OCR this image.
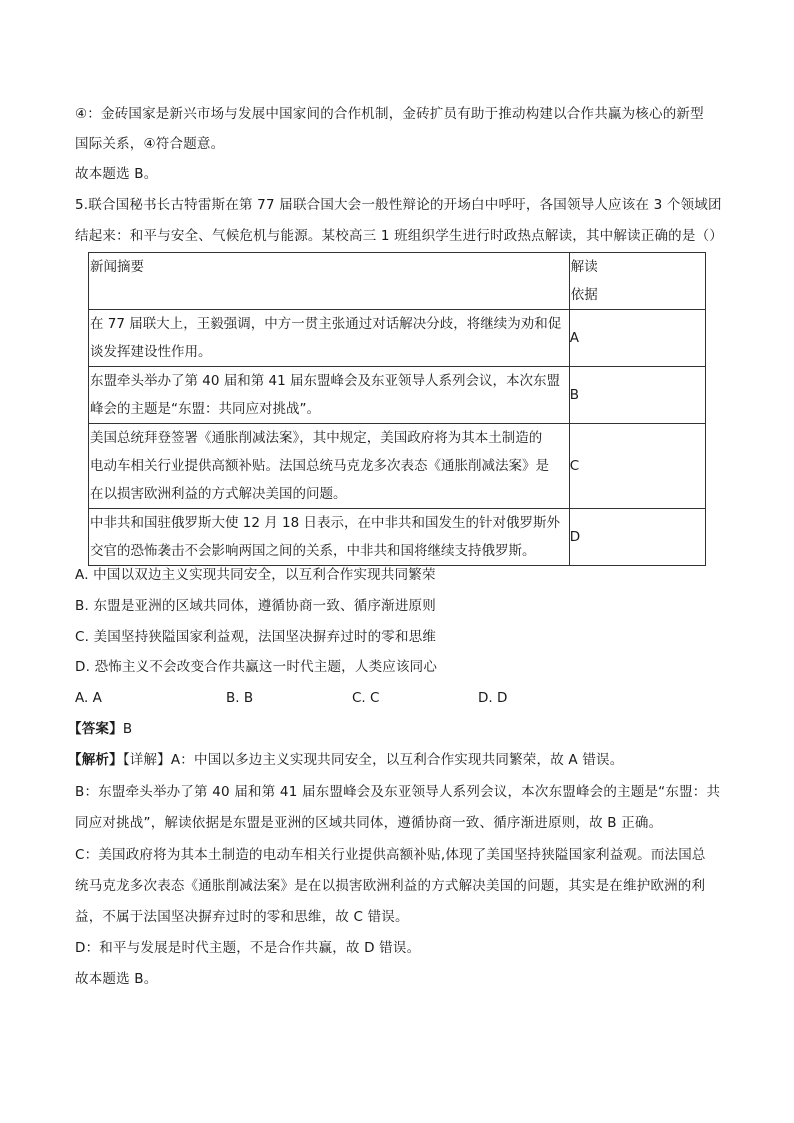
④：金砖国家是新兴市场与发展中国家间的合作机制，金砖扩员有助于推动构建以合作共赢为核心的新型
国际关系，④符合题意。
故本题选 B。
5.联合国秘书长古特雷斯在第 77 届联合国大会一般性辩论的开场白中呼吁，各国领导人应该在 3 个领域团
结起来：和平与安全、气候危机与能源。某校高三 1 班组织学生进行时政热点解读，其中解读正确的是（）
新闻摘要	解读
依据

在 77 届联大上，王毅强调，中方一贯主张通过对话解决分歧，将继续为劝和促
谈发挥建设性作用。	A

东盟牵头举办了第 40 届和第 41 届东盟峰会及东亚领导人系列会议，本次东盟
峰会的主题是“东盟：共同应对挑战”。	B

美国总统拜登签署《通胀削减法案》，其中规定，美国政府将为其本土制造的
电动车相关行业提供高额补贴。法国总统马克龙多次表态《通胀削减法案》是
在以损害欧洲利益的方式解决美国的问题。	C

中非共和国驻俄罗斯大使 12 月 18 日表示，在中非共和国发生的针对俄罗斯外
交官的恐怖袭击不会影响两国之间的关系，中非共和国将继续支持俄罗斯。	D
A. 中国以双边主义实现共同安全，以互利合作实现共同繁荣
B. 东盟是亚洲的区域共同体，遵循协商一致、循序渐进原则
C. 美国坚持狭隘国家利益观，法国坚决摒弃过时的零和思维
D. 恐怖主义不会改变合作共赢这一时代主题，人类应该同心
A. A	B. B	C. C	D. D
【答案】B
【解析】【详解】A：中国以多边主义实现共同安全，以互利合作实现共同繁荣，故 A 错误。
B：东盟牵头举办了第 40 届和第 41 届东盟峰会及东亚领导人系列会议，本次东盟峰会的主题是“东盟：共
同应对挑战”，解读依据是东盟是亚洲的区域共同体，遵循协商一致、循序渐进原则，故 B 正确。
C：美国政府将为其本土制造的电动车相关行业提供高额补贴,体现了美国坚持狭隘国家利益观。而法国总
统马克龙多次表态《通胀削减法案》是在以损害欧洲利益的方式解决美国的问题，其实是在维护欧洲的利
益，不属于法国坚决摒弃过时的零和思维，故 C 错误。
D：和平与发展是时代主题，不是合作共赢，故 D 错误。
故本题选 B。
